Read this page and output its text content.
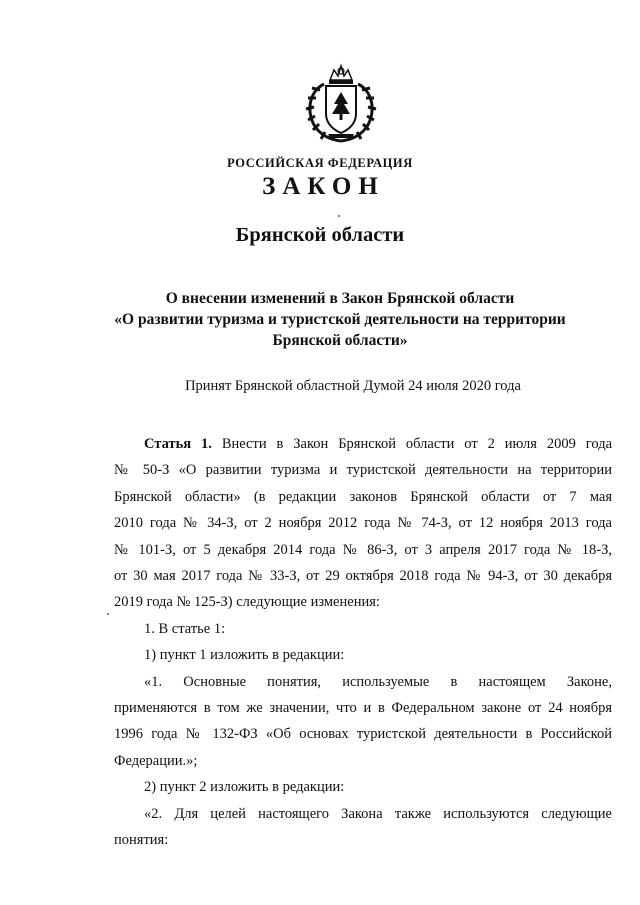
РОССИЙСКАЯ ФЕДЕРАЦИЯ
ЗАКОН
Брянской области
О внесении изменений в Закон Брянской области
«О развитии туризма и туристской деятельности на территории
Брянской области»
Принят Брянской областной Думой 24 июля 2020 года

Статья 1. Внести в Закон Брянской области от 2 июля 2009 года

№ 50-З «О развитии туризма и туристской деятельности на территории

Брянской области» (в редакции законов Брянской области от 7 мая

2010 года № 34-З, от 2 ноября 2012 года № 74-З, от 12 ноября 2013 года

№ 101-З, от 5 декабря 2014 года № 86-З, от 3 апреля 2017 года № 18-З,

от 30 мая 2017 года № 33-З, от 29 октября 2018 года № 94-З, от 30 декабря

2019 года № 125-З) следующие изменения:

1. В статье 1:

1) пункт 1 изложить в редакции:

«1. Основные понятия, используемые в настоящем Законе,

применяются в том же значении, что и в Федеральном законе от 24 ноября

1996 года № 132-ФЗ «Об основах туристской деятельности в Российской

Федерации.»;

2) пункт 2 изложить в редакции:

«2. Для целей настоящего Закона также используются следующие

понятия:
